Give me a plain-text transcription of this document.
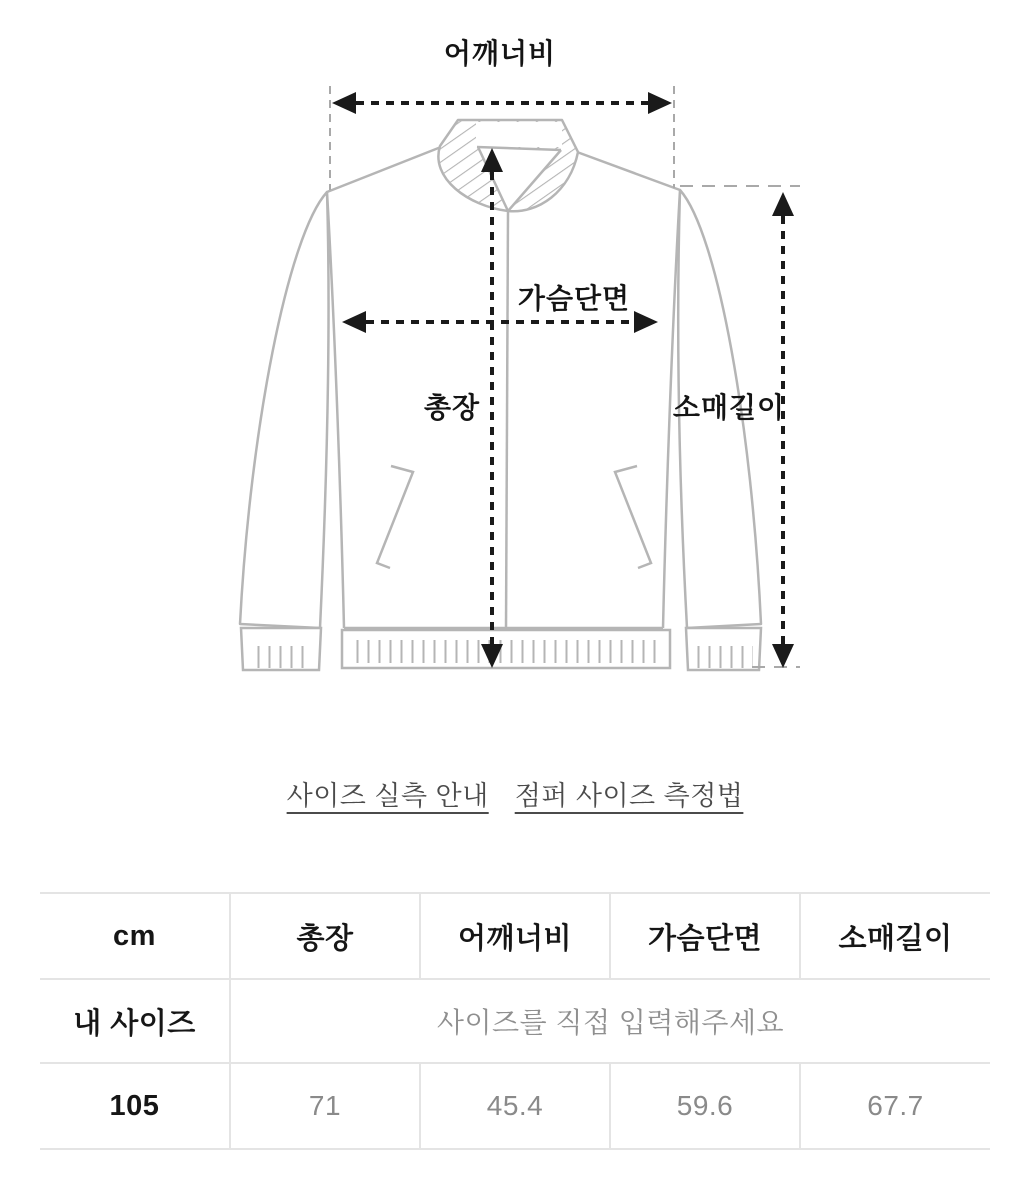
어깨너비
가슴단면
총장	소매길이
사이즈 실측 안내 점퍼 사이즈 측정법
cm	총장	어깨너비	가슴단면	소매길이
내 사이즈	사이즈를 직접 입력해주세요			
105	71	45.4	59.6	67.7
